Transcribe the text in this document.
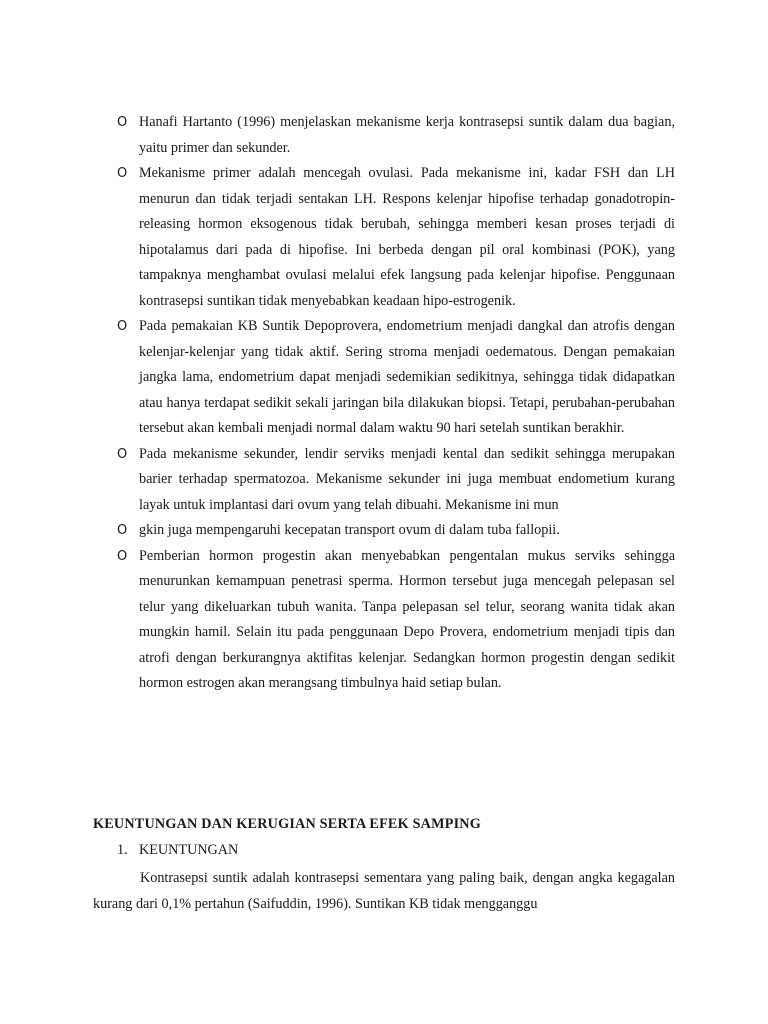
O Hanafi Hartanto (1996) menjelaskan mekanisme kerja kontrasepsi suntik dalam dua bagian, yaitu primer dan sekunder.
O Mekanisme primer adalah mencegah ovulasi. Pada mekanisme ini, kadar FSH dan LH menurun dan tidak terjadi sentakan LH. Respons kelenjar hipofise terhadap gonadotropin-releasing hormon eksogenous tidak berubah, sehingga memberi kesan proses terjadi di hipotalamus dari pada di hipofise. Ini berbeda dengan pil oral kombinasi (POK), yang tampaknya menghambat ovulasi melalui efek langsung pada kelenjar hipofise. Penggunaan kontrasepsi suntikan tidak menyebabkan keadaan hipo-estrogenik.
O Pada pemakaian KB Suntik Depoprovera, endometrium menjadi dangkal dan atrofis dengan kelenjar-kelenjar yang tidak aktif. Sering stroma menjadi oedematous. Dengan pemakaian jangka lama, endometrium dapat menjadi sedemikian sedikitnya, sehingga tidak didapatkan atau hanya terdapat sedikit sekali jaringan bila dilakukan biopsi. Tetapi, perubahan-perubahan tersebut akan kembali menjadi normal dalam waktu 90 hari setelah suntikan berakhir.
O Pada mekanisme sekunder, lendir serviks menjadi kental dan sedikit sehingga merupakan barier terhadap spermatozoa. Mekanisme sekunder ini juga membuat endometium kurang layak untuk implantasi dari ovum yang telah dibuahi. Mekanisme ini mun
O gkin juga mempengaruhi kecepatan transport ovum di dalam tuba fallopii.
O Pemberian hormon progestin akan menyebabkan pengentalan mukus serviks sehingga menurunkan kemampuan penetrasi sperma. Hormon tersebut juga mencegah pelepasan sel telur yang dikeluarkan tubuh wanita. Tanpa pelepasan sel telur, seorang wanita tidak akan mungkin hamil. Selain itu pada penggunaan Depo Provera, endometrium menjadi tipis dan atrofi dengan berkurangnya aktifitas kelenjar. Sedangkan hormon progestin dengan sedikit hormon estrogen akan merangsang timbulnya haid setiap bulan.
KEUNTUNGAN DAN KERUGIAN SERTA EFEK SAMPING
1. KEUNTUNGAN

Kontrasepsi suntik adalah kontrasepsi sementara yang paling baik, dengan angka kegagalan kurang dari 0,1% pertahun (Saifuddin, 1996). Suntikan KB tidak mengganggu
